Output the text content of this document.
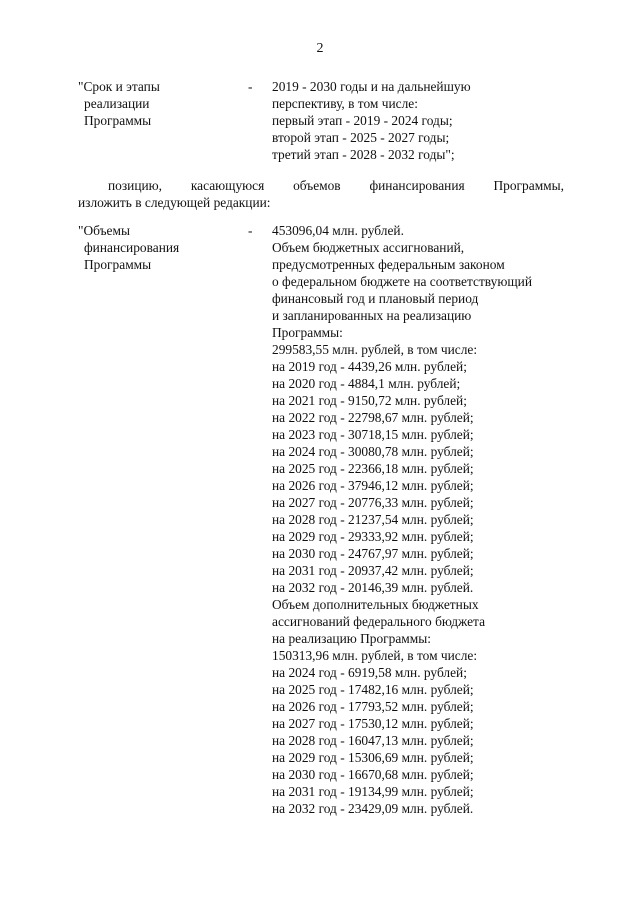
2
"Срок и этапы
реализации
Программы
-	2019 - 2030 годы и на дальнейшую
перспективу, в том числе:
первый этап - 2019 - 2024 годы;
второй этап - 2025 - 2027 годы;
третий этап - 2028 - 2032 годы";
позицию, касающуюся объемов финансирования Программы,
изложить в следующей редакции:
"Объемы
финансирования
Программы
-	453096,04 млн. рублей.
Объем бюджетных ассигнований,
предусмотренных федеральным законом
о федеральном бюджете на соответствующий
финансовый год и плановый период
и запланированных на реализацию
Программы:
299583,55 млн. рублей, в том числе:
на 2019 год - 4439,26 млн. рублей;
на 2020 год - 4884,1 млн. рублей;
на 2021 год - 9150,72 млн. рублей;
на 2022 год - 22798,67 млн. рублей;
на 2023 год - 30718,15 млн. рублей;
на 2024 год - 30080,78 млн. рублей;
на 2025 год - 22366,18 млн. рублей;
на 2026 год - 37946,12 млн. рублей;
на 2027 год - 20776,33 млн. рублей;
на 2028 год - 21237,54 млн. рублей;
на 2029 год - 29333,92 млн. рублей;
на 2030 год - 24767,97 млн. рублей;
на 2031 год - 20937,42 млн. рублей;
на 2032 год - 20146,39 млн. рублей.
Объем дополнительных бюджетных
ассигнований федерального бюджета
на реализацию Программы:
150313,96 млн. рублей, в том числе:
на 2024 год - 6919,58 млн. рублей;
на 2025 год - 17482,16 млн. рублей;
на 2026 год - 17793,52 млн. рублей;
на 2027 год - 17530,12 млн. рублей;
на 2028 год - 16047,13 млн. рублей;
на 2029 год - 15306,69 млн. рублей;
на 2030 год - 16670,68 млн. рублей;
на 2031 год - 19134,99 млн. рублей;
на 2032 год - 23429,09 млн. рублей.
